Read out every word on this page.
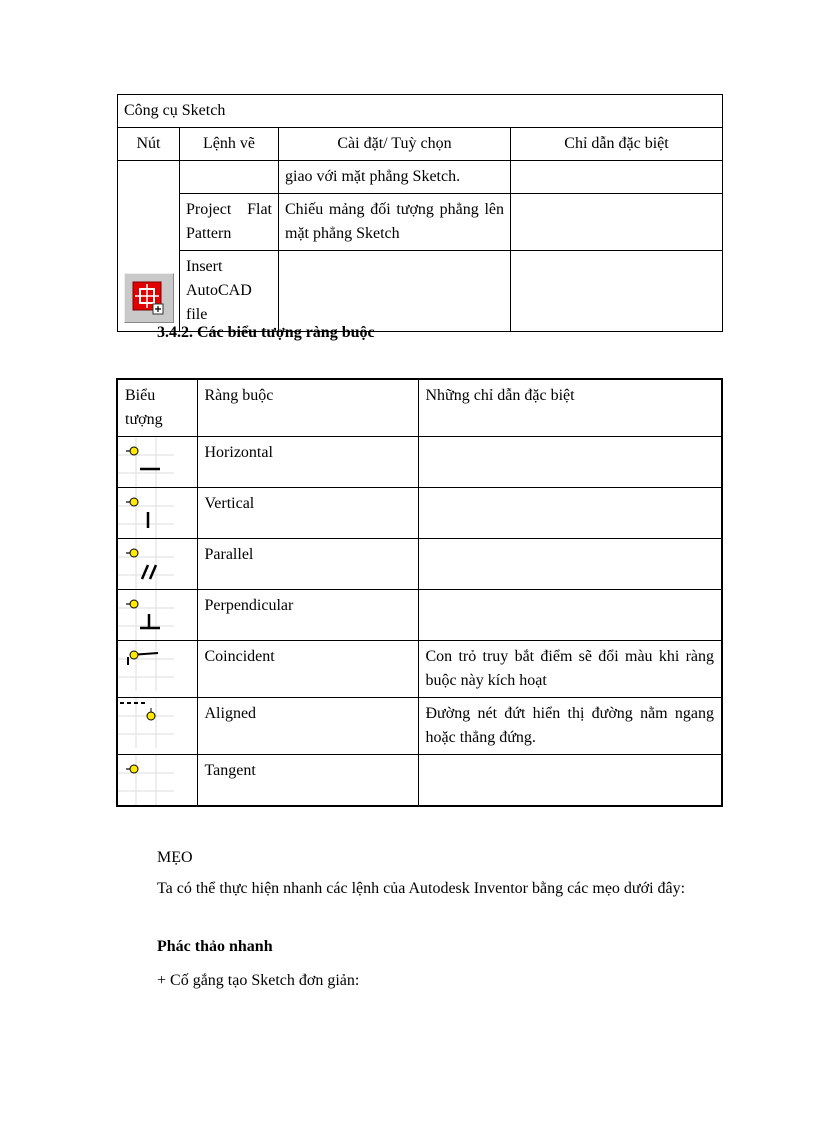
Công cụ Sketch			
Nút	Lệnh vẽ	Cài đặt/ Tuỳ chọn	Chỉ dẫn đặc biệt

		giao với mặt phẳng Sketch.	
	Project Flat Pattern	Chiếu mảng đối tượng phẳng lên mặt phẳng Sketch	
	Insert AutoCAD file		
3.4.2. Các biểu tượng ràng buộc
Biểu tượng	Ràng buộc	Những chỉ dẫn đặc biệt

	Horizontal	

	Vertical	

	Parallel	

	Perpendicular	

	Coincident	Con trỏ truy bắt điểm sẽ đổi màu khi ràng buộc này kích hoạt

	Aligned	Đường nét đứt hiển thị đường nằm ngang hoặc thẳng đứng.

	Tangent	
MẸO
Ta có thể thực hiện nhanh các lệnh của Autodesk Inventor bằng các mẹo dưới đây:
Phác thảo nhanh
+ Cố gắng tạo Sketch đơn giản:
